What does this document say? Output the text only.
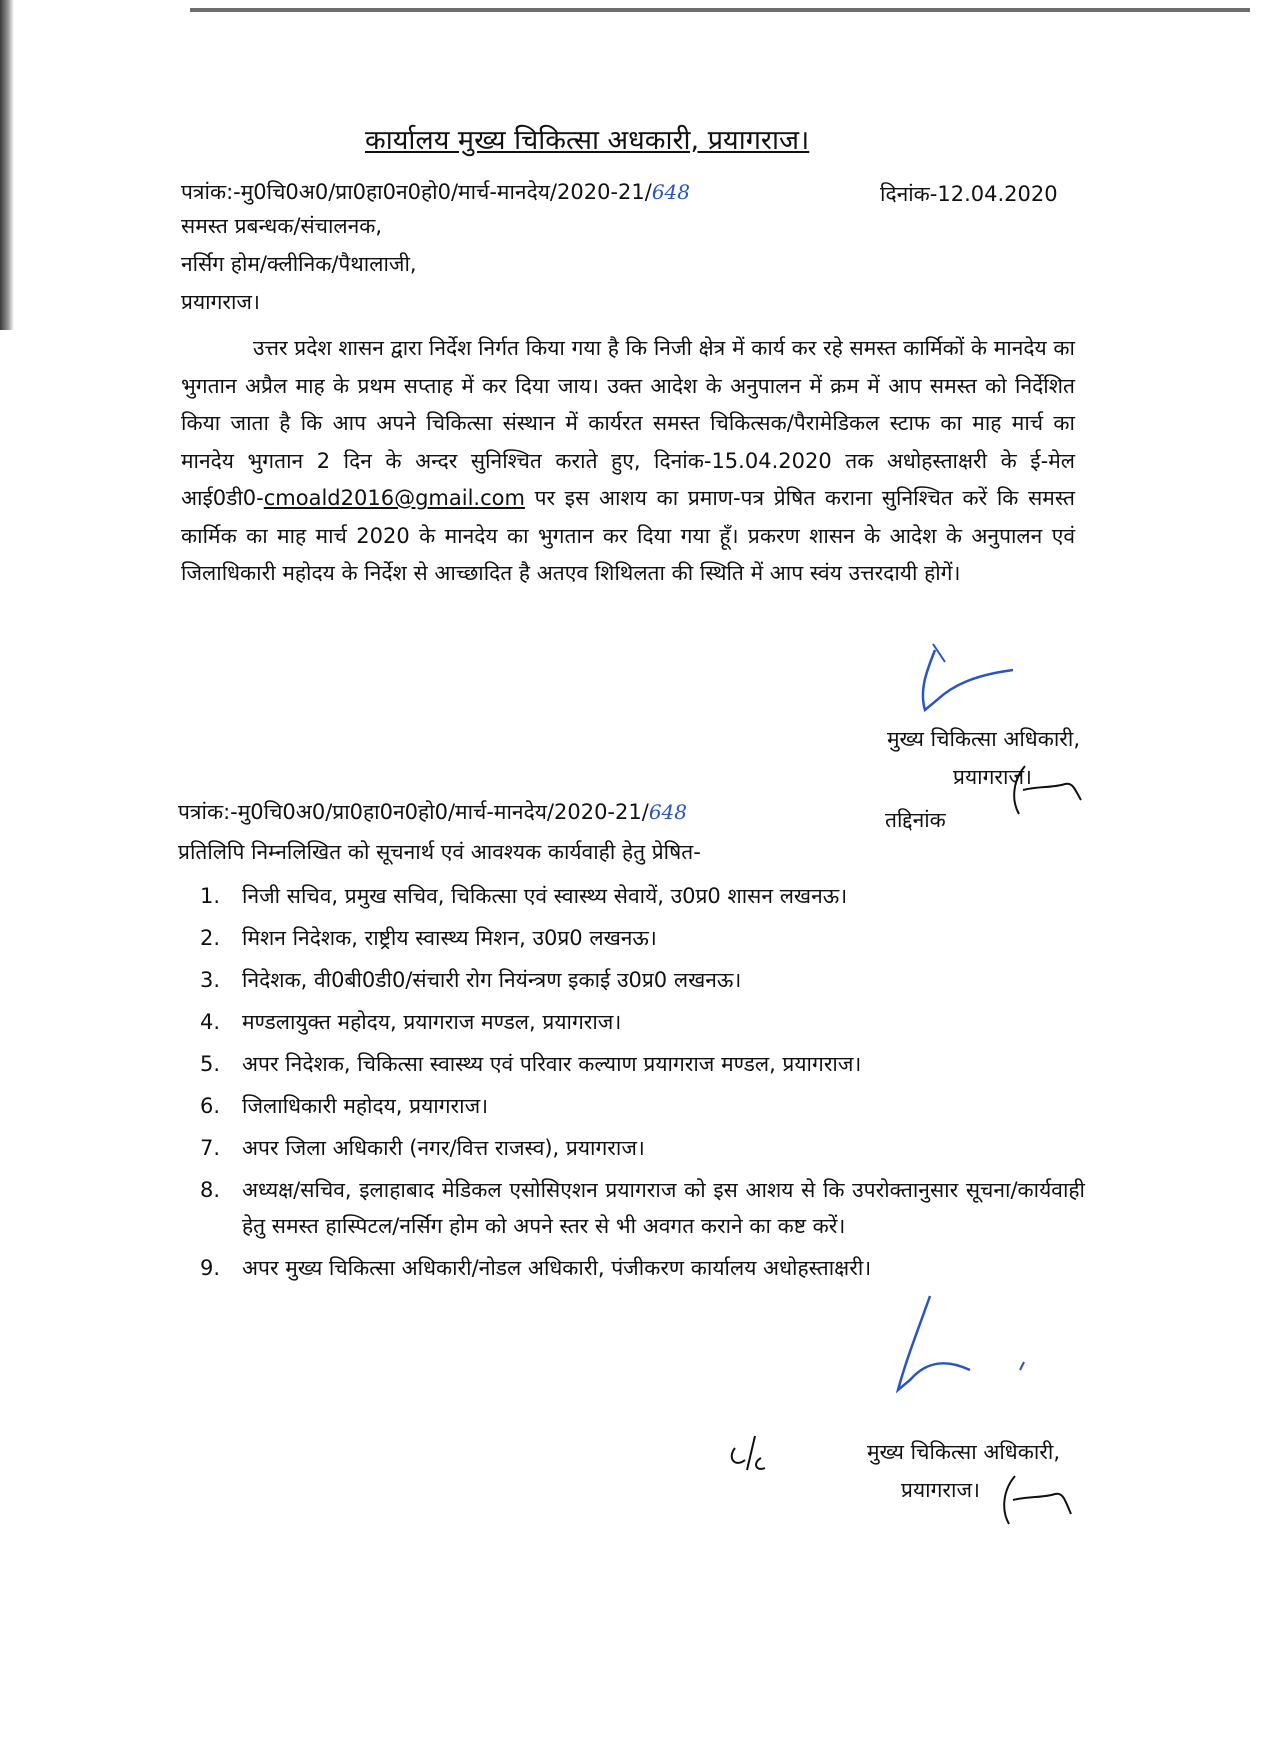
कार्यालय मुख्य चिकित्सा अधकारी, प्रयागराज।
पत्रांक:-मु0चि0अ0/प्रा0हा0न0हो0/मार्च-मानदेय/2020-21/648	दिनांक-12.04.2020
समस्त प्रबन्धक/संचालनक,
नर्सिग होम/क्लीनिक/पैथालाजी,
प्रयागराज।
उत्तर प्रदेश शासन द्वारा निर्देश निर्गत किया गया है कि निजी क्षेत्र में कार्य कर रहे समस्त कार्मिकों के मानदेय का भुगतान अप्रैल माह के प्रथम सप्ताह में कर दिया जाय। उक्त आदेश के अनुपालन में क्रम में आप समस्त को निर्देशित किया जाता है कि आप अपने चिकित्सा संस्थान में कार्यरत समस्त चिकित्सक/पैरामेडिकल स्टाफ का माह मार्च का मानदेय भुगतान 2 दिन के अन्दर सुनिश्चित कराते हुए, दिनांक-15.04.2020 तक अधोहस्ताक्षरी के ई-मेल आई0डी0-cmoald2016@gmail.com पर इस आशय का प्रमाण-पत्र प्रेषित कराना सुनिश्चित करें कि समस्त कार्मिक का माह मार्च 2020 के मानदेय का भुगतान कर दिया गया हूँ। प्रकरण शासन के आदेश के अनुपालन एवं जिलाधिकारी महोदय के निर्देश से आच्छादित है अतएव शिथिलता की स्थिति में आप स्वंय उत्तरदायी होगें।
मुख्य चिकित्सा अधिकारी,
प्रयागराज।
पत्रांक:-मु0चि0अ0/प्रा0हा0न0हो0/मार्च-मानदेय/2020-21/648	तद्दिनांक
प्रतिलिपि निम्नलिखित को सूचनार्थ एवं आवश्यक कार्यवाही हेतु प्रेषित-
1. निजी सचिव, प्रमुख सचिव, चिकित्सा एवं स्वास्थ्य सेवायें, उ0प्र0 शासन लखनऊ।
2. मिशन निदेशक, राष्ट्रीय स्वास्थ्य मिशन, उ0प्र0 लखनऊ।
3. निदेशक, वी0बी0डी0/संचारी रोग नियंन्त्रण इकाई उ0प्र0 लखनऊ।
4. मण्डलायुक्त महोदय, प्रयागराज मण्डल, प्रयागराज।
5. अपर निदेशक, चिकित्सा स्वास्थ्य एवं परिवार कल्याण प्रयागराज मण्डल, प्रयागराज।
6. जिलाधिकारी महोदय, प्रयागराज।
7. अपर जिला अधिकारी (नगर/वित्त राजस्व), प्रयागराज।
8. अध्यक्ष/सचिव, इलाहाबाद मेडिकल एसोसिएशन प्रयागराज को इस आशय से कि उपरोक्तानुसार सूचना/कार्यवाही हेतु समस्त हास्पिटल/नर्सिग होम को अपने स्तर से भी अवगत कराने का कष्ट करें।
9. अपर मुख्य चिकित्सा अधिकारी/नोडल अधिकारी, पंजीकरण कार्यालय अधोहस्ताक्षरी।
मुख्य चिकित्सा अधिकारी,
प्रयागराज।
